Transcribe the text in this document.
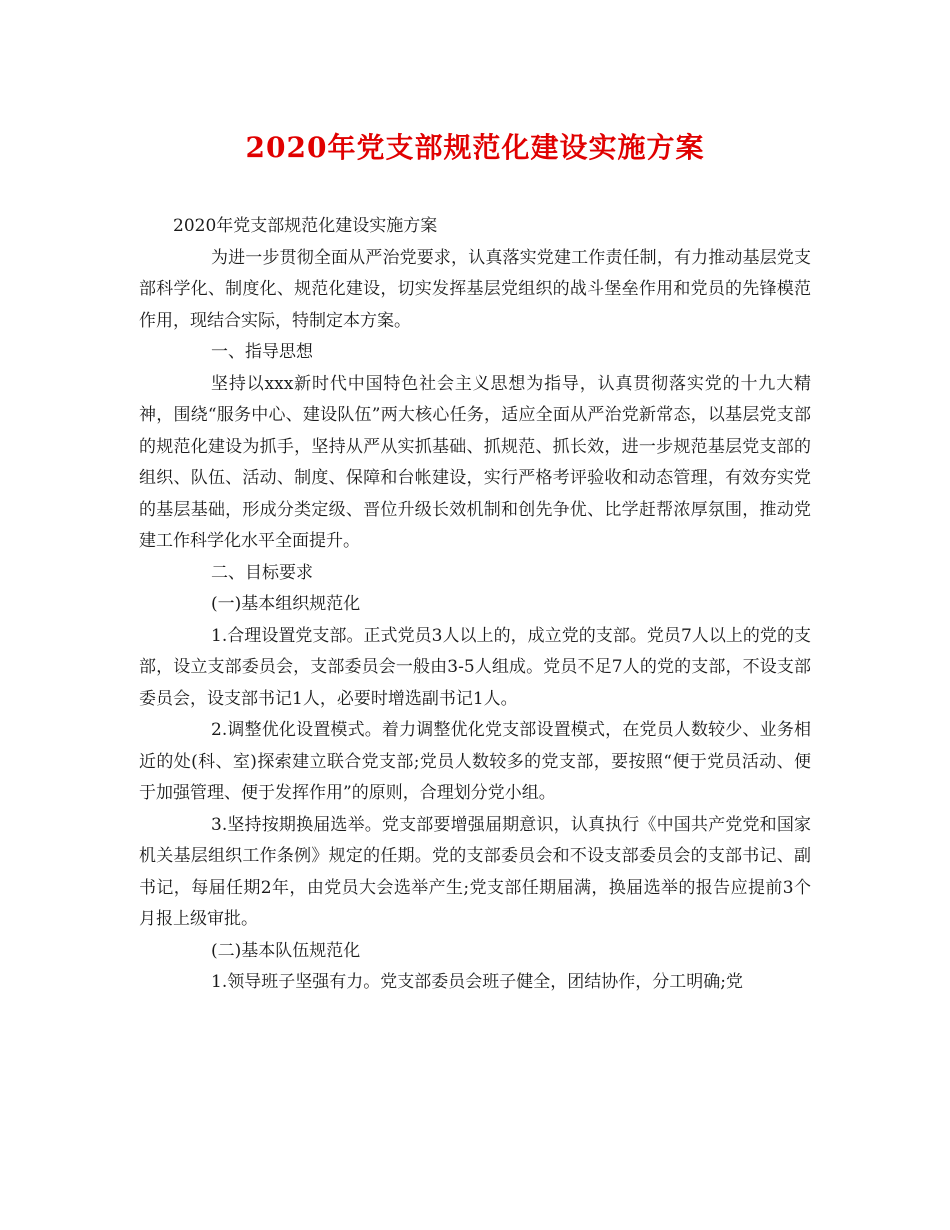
2020年党支部规范化建设实施方案

2020年党支部规范化建设实施方案

为进一步贯彻全面从严治党要求，认真落实党建工作责任制，有力推动基层党支部科学化、制度化、规范化建设，切实发挥基层党组织的战斗堡垒作用和党员的先锋模范作用，现结合实际，特制定本方案。

一、指导思想

坚持以xxx新时代中国特色社会主义思想为指导，认真贯彻落实党的十九大精神，围绕“服务中心、建设队伍”两大核心任务，适应全面从严治党新常态，以基层党支部的规范化建设为抓手，坚持从严从实抓基础、抓规范、抓长效，进一步规范基层党支部的组织、队伍、活动、制度、保障和台帐建设，实行严格考评验收和动态管理，有效夯实党的基层基础，形成分类定级、晋位升级长效机制和创先争优、比学赶帮浓厚氛围，推动党建工作科学化水平全面提升。

二、目标要求

(一)基本组织规范化

1.合理设置党支部。正式党员3人以上的，成立党的支部。党员7人以上的党的支部，设立支部委员会，支部委员会一般由3-5人组成。党员不足7人的党的支部，不设支部委员会，设支部书记1人，必要时增选副书记1人。

2.调整优化设置模式。着力调整优化党支部设置模式，在党员人数较少、业务相近的处(科、室)探索建立联合党支部;党员人数较多的党支部，要按照“便于党员活动、便于加强管理、便于发挥作用”的原则，合理划分党小组。

3.坚持按期换届选举。党支部要增强届期意识，认真执行《中国共产党党和国家机关基层组织工作条例》规定的任期。党的支部委员会和不设支部委员会的支部书记、副书记，每届任期2年，由党员大会选举产生;党支部任期届满，换届选举的报告应提前3个月报上级审批。

(二)基本队伍规范化

1.领导班子坚强有力。党支部委员会班子健全，团结协作，分工明确;党
